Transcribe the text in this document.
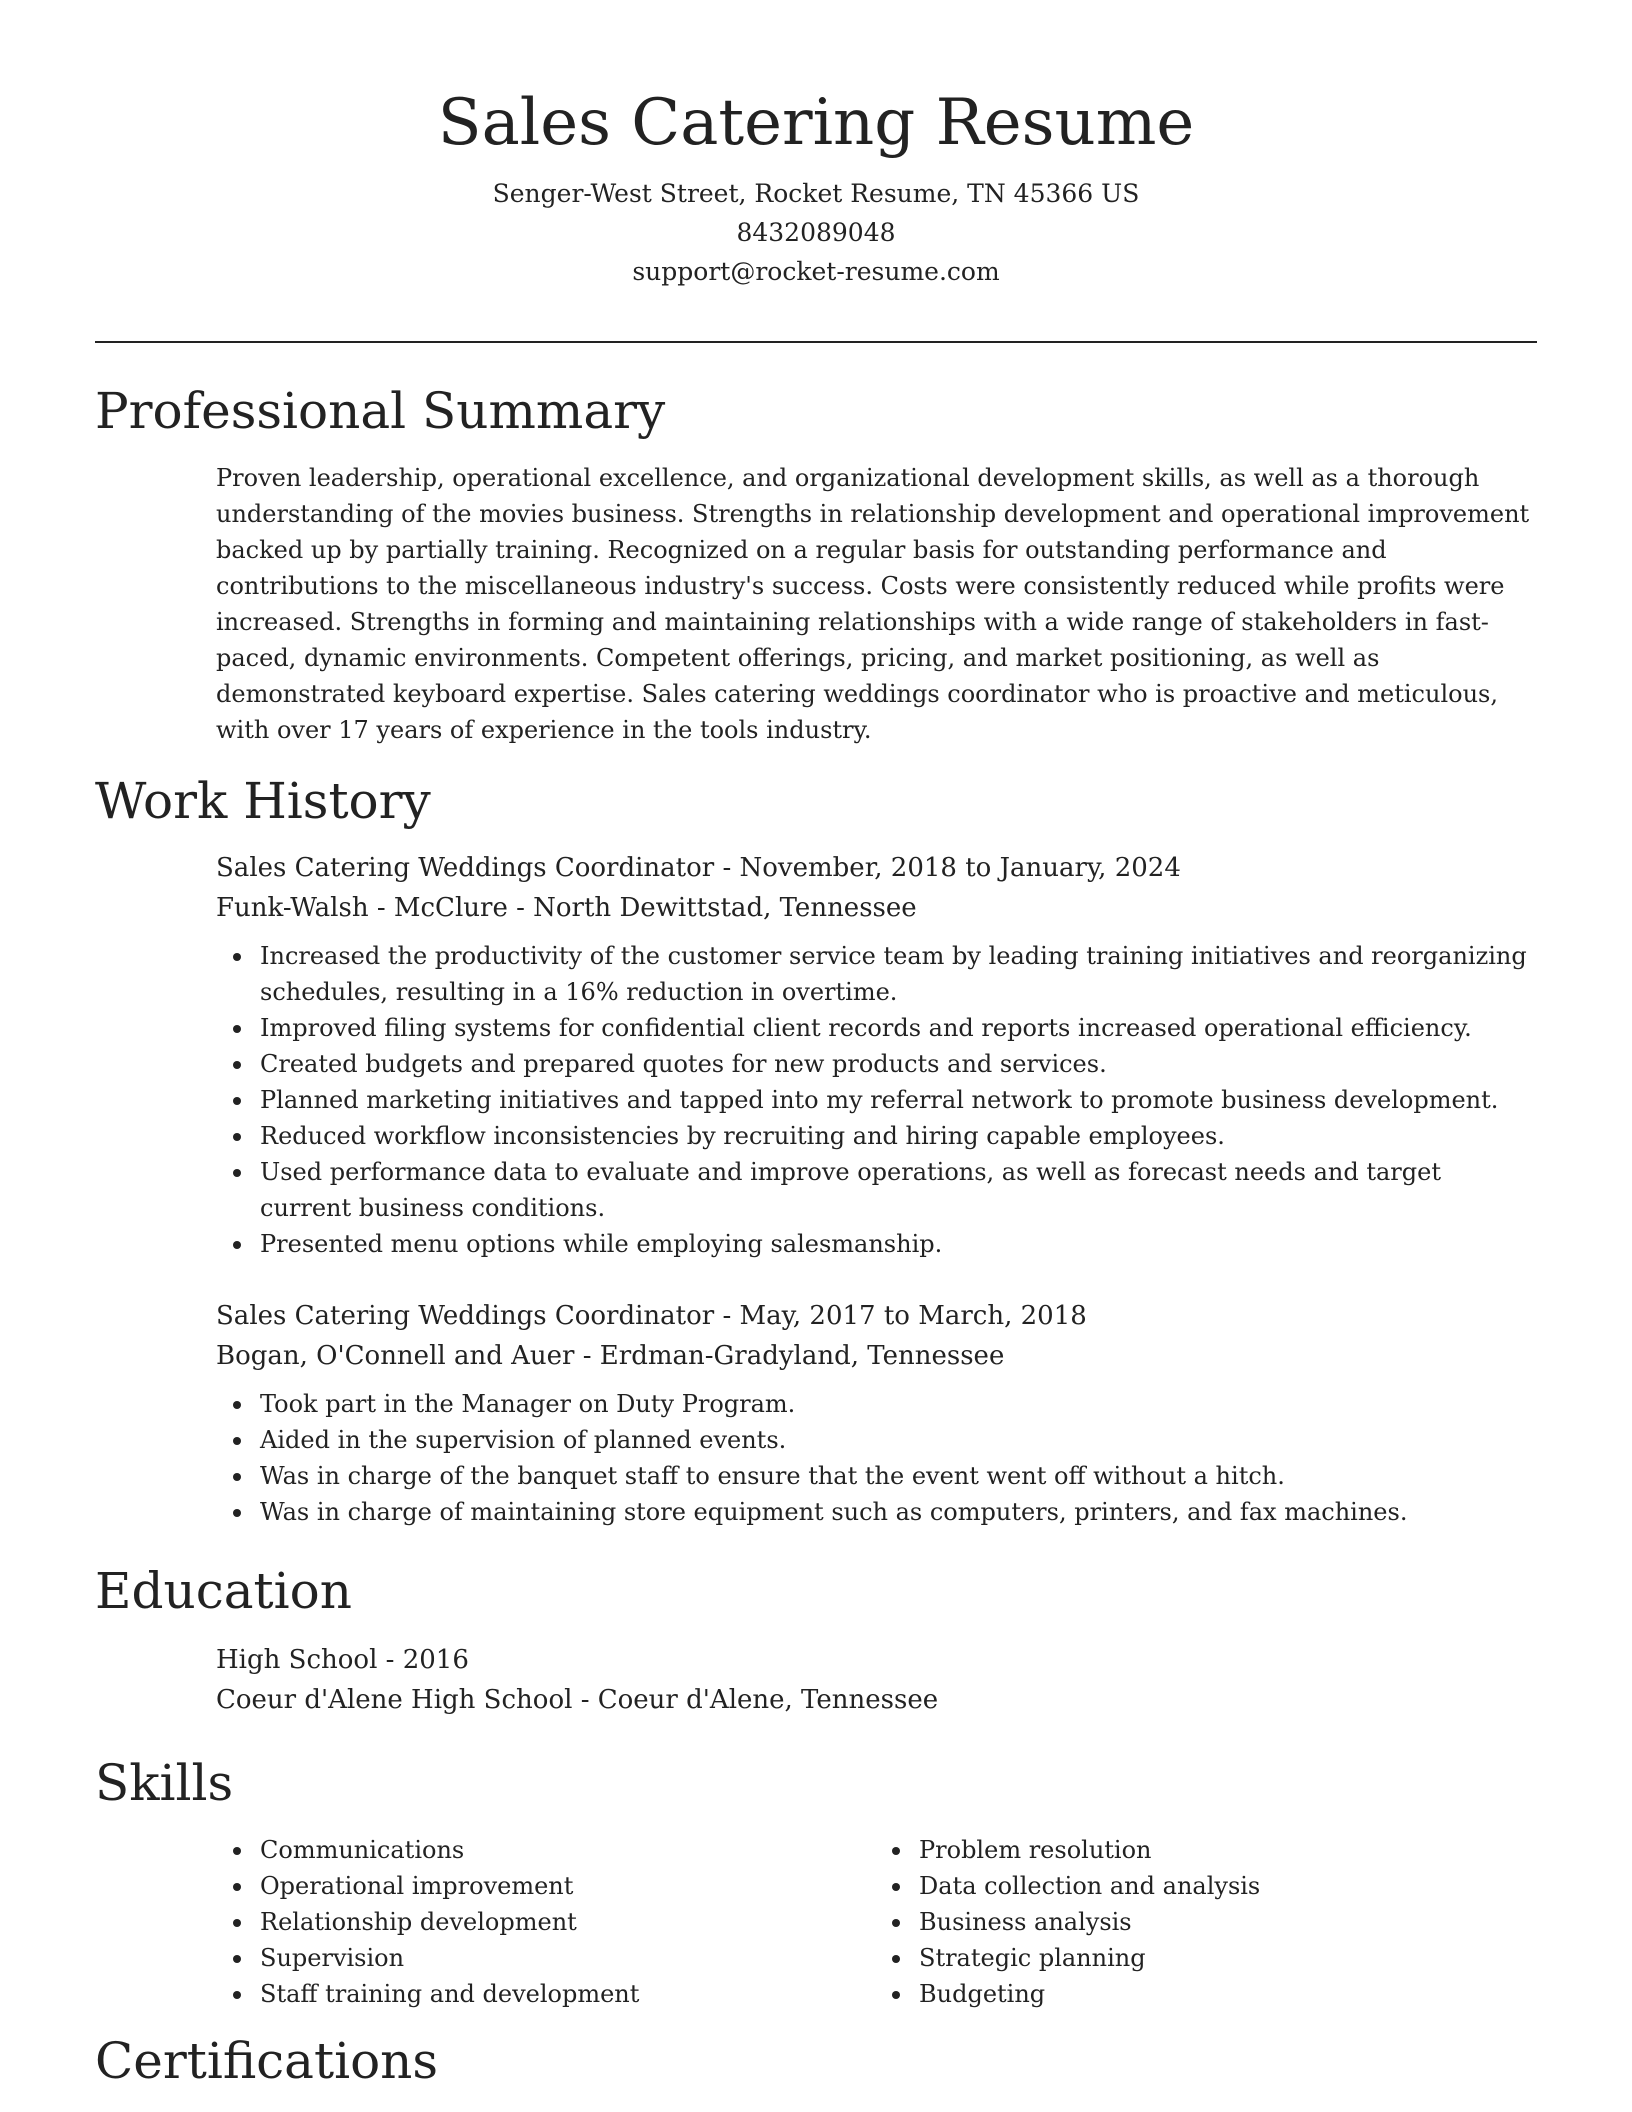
Sales Catering Resume
Senger-West Street, Rocket Resume, TN 45366 US
8432089048
support@rocket-resume.com
Professional Summary

Proven leadership, operational excellence, and organizational development skills, as well as a thorough understanding of the movies business. Strengths in relationship development and operational improvement backed up by partially training. Recognized on a regular basis for outstanding performance and contributions to the miscellaneous industry's success. Costs were consistently reduced while profits were increased. Strengths in forming and maintaining relationships with a wide range of stakeholders in fast-paced, dynamic environments. Competent offerings, pricing, and market positioning, as well as demonstrated keyboard expertise. Sales catering weddings coordinator who is proactive and meticulous, with over 17 years of experience in the tools industry.

Work History
Sales Catering Weddings Coordinator - November, 2018 to January, 2024
Funk-Walsh - McClure - North Dewittstad, Tennessee
Increased the productivity of the customer service team by leading training initiatives and reorganizing schedules, resulting in a 16% reduction in overtime.
Improved filing systems for confidential client records and reports increased operational efficiency.
Created budgets and prepared quotes for new products and services.
Planned marketing initiatives and tapped into my referral network to promote business development.
Reduced workflow inconsistencies by recruiting and hiring capable employees.
Used performance data to evaluate and improve operations, as well as forecast needs and target current business conditions.
Presented menu options while employing salesmanship.
Sales Catering Weddings Coordinator - May, 2017 to March, 2018
Bogan, O'Connell and Auer - Erdman-Gradyland, Tennessee
Took part in the Manager on Duty Program.
Aided in the supervision of planned events.
Was in charge of the banquet staff to ensure that the event went off without a hitch.
Was in charge of maintaining store equipment such as computers, printers, and fax machines.
Education
High School - 2016
Coeur d'Alene High School - Coeur d'Alene, Tennessee
Skills
Communications
Operational improvement
Relationship development
Supervision
Staff training and development
Problem resolution
Data collection and analysis
Business analysis
Strategic planning
Budgeting
Certifications
